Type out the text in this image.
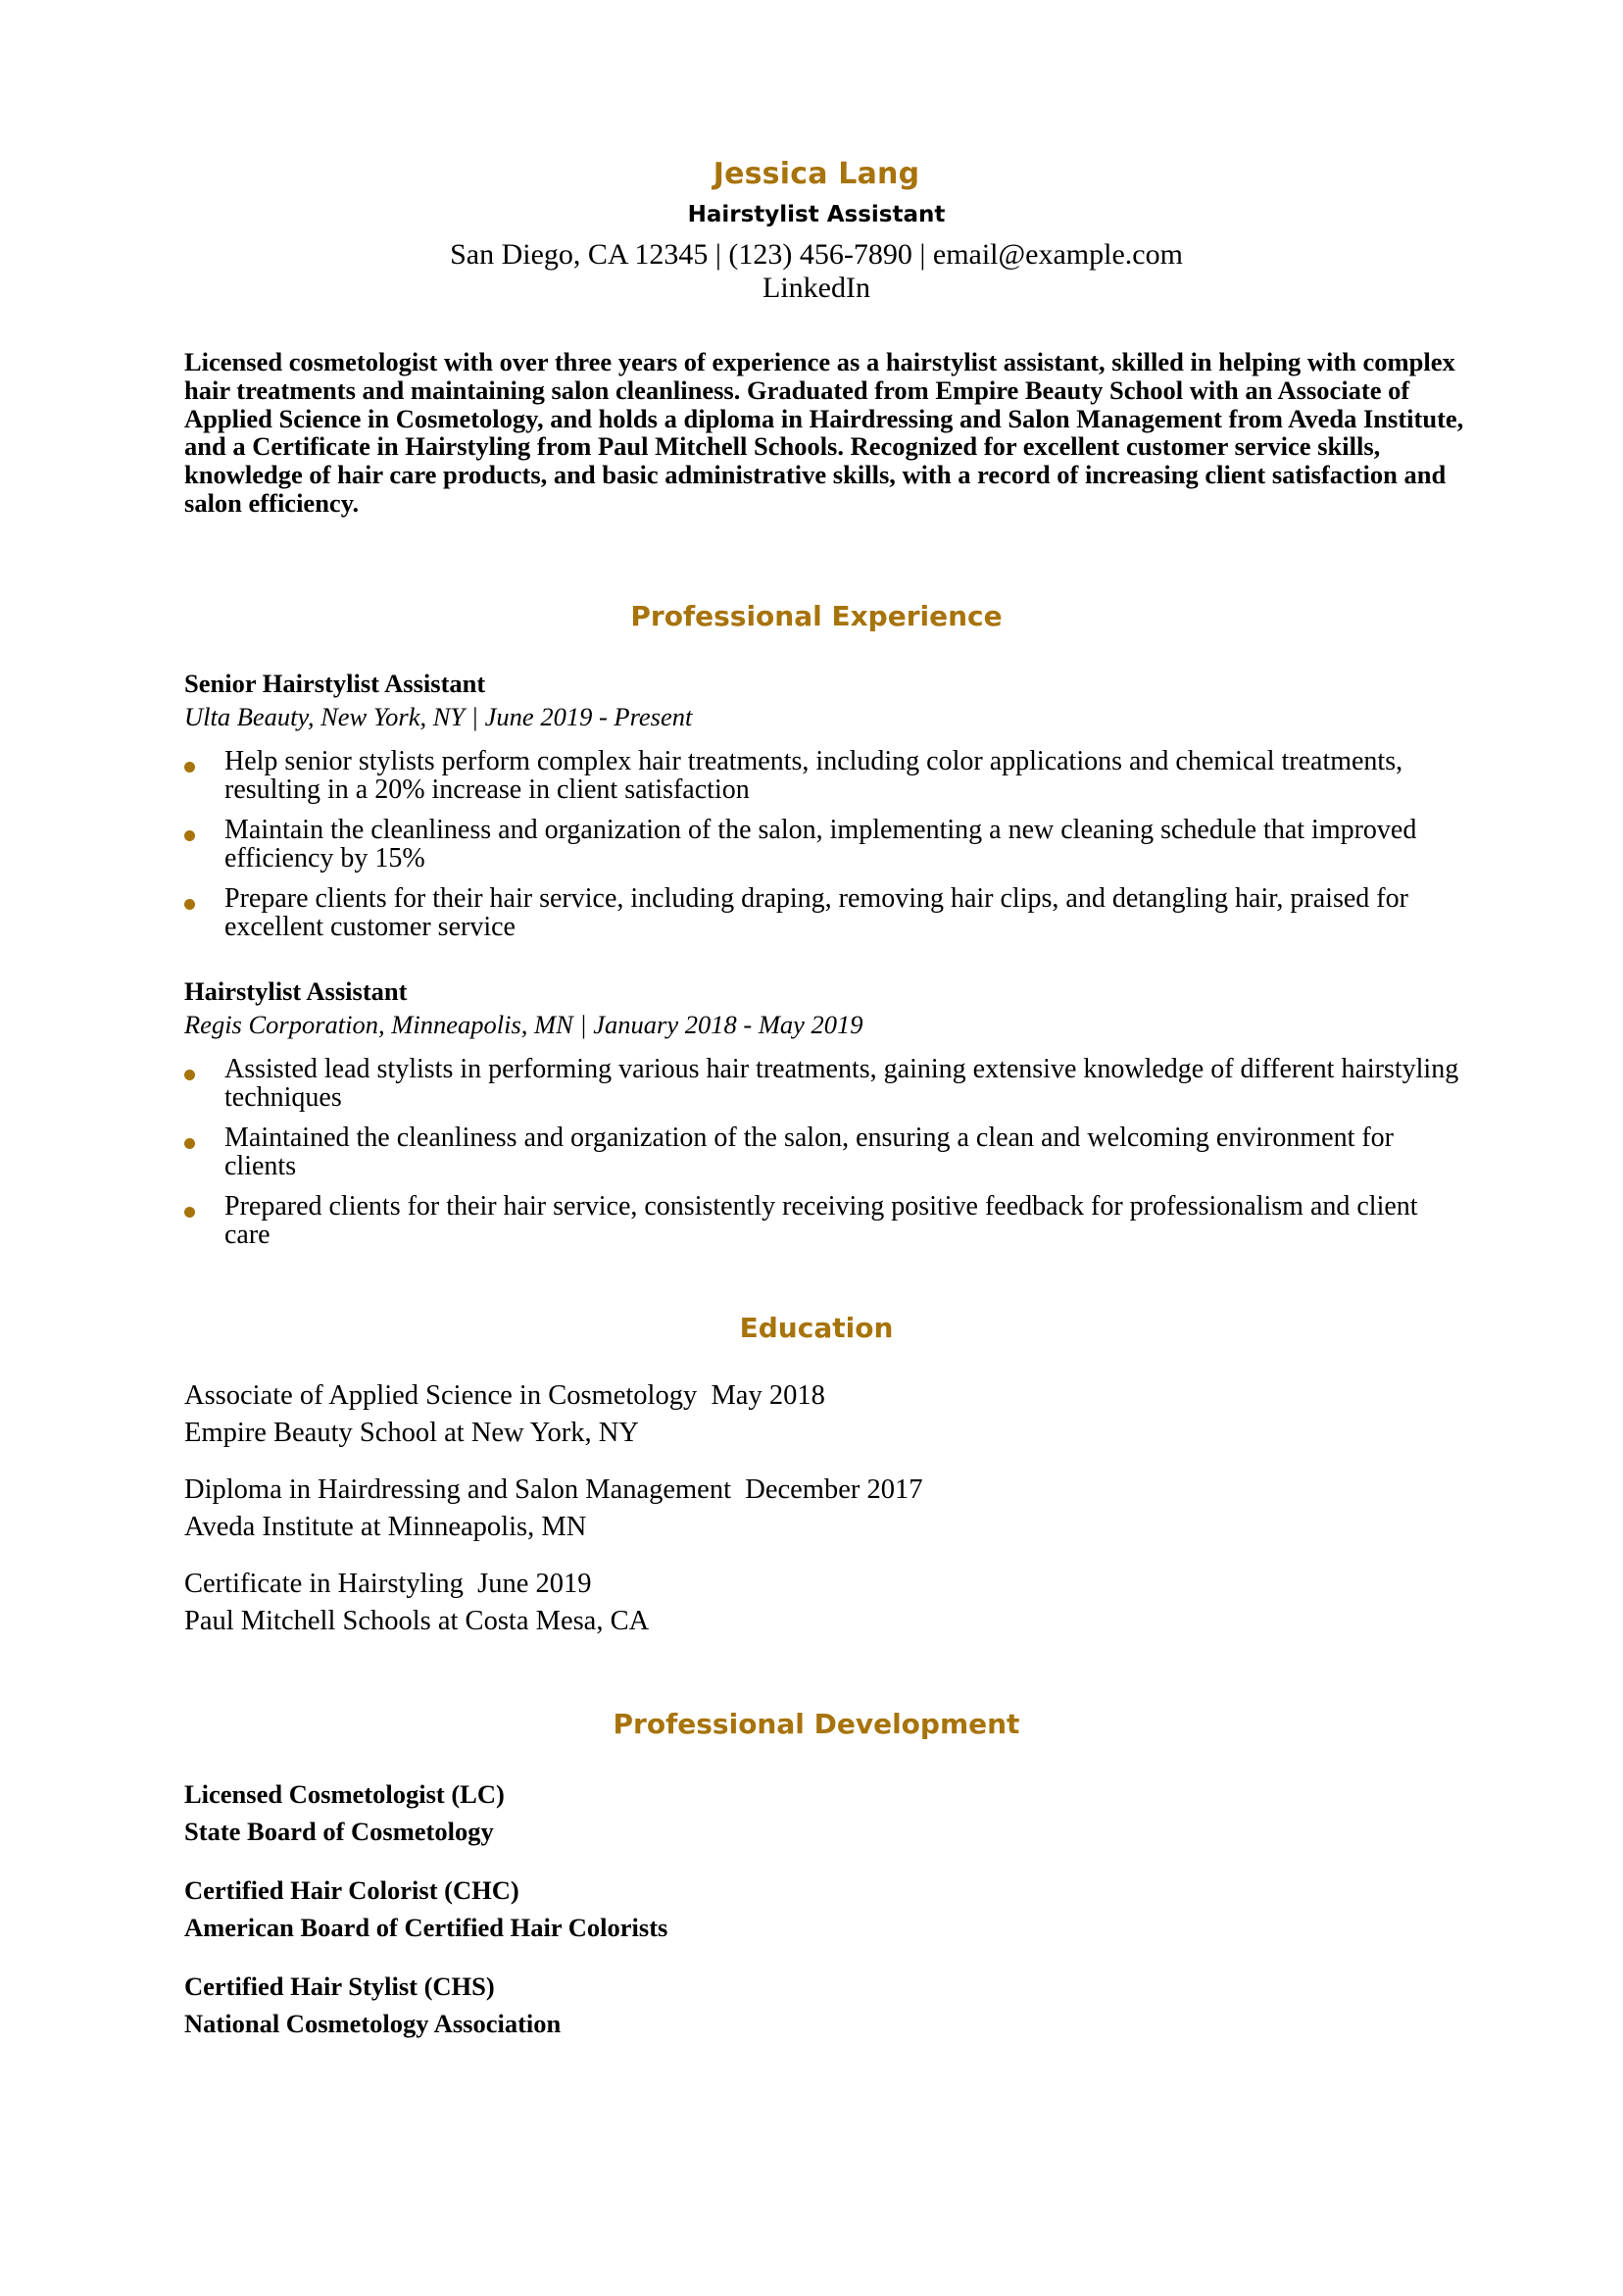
Jessica Lang
Hairstylist Assistant
San Diego, CA 12345 | (123) 456-7890 | email@example.com
LinkedIn
Licensed cosmetologist with over three years of experience as a hairstylist assistant, skilled in helping with complex hair treatments and maintaining salon cleanliness. Graduated from Empire Beauty School with an Associate of Applied Science in Cosmetology, and holds a diploma in Hairdressing and Salon Management from Aveda Institute, and a Certificate in Hairstyling from Paul Mitchell Schools. Recognized for excellent customer service skills, knowledge of hair care products, and basic administrative skills, with a record of increasing client satisfaction and salon efficiency.
Professional Experience
Senior Hairstylist Assistant
Ulta Beauty, New York, NY | June 2019 - Present
Help senior stylists perform complex hair treatments, including color applications and chemical treatments, resulting in a 20% increase in client satisfaction
Maintain the cleanliness and organization of the salon, implementing a new cleaning schedule that improved efficiency by 15%
Prepare clients for their hair service, including draping, removing hair clips, and detangling hair, praised for excellent customer service
Hairstylist Assistant
Regis Corporation, Minneapolis, MN | January 2018 - May 2019
Assisted lead stylists in performing various hair treatments, gaining extensive knowledge of different hairstyling techniques
Maintained the cleanliness and organization of the salon, ensuring a clean and welcoming environment for clients
Prepared clients for their hair service, consistently receiving positive feedback for professionalism and client care
Education
Associate of Applied Science in Cosmetology  May 2018
Empire Beauty School at New York, NY
Diploma in Hairdressing and Salon Management  December 2017
Aveda Institute at Minneapolis, MN
Certificate in Hairstyling  June 2019
Paul Mitchell Schools at Costa Mesa, CA
Professional Development
Licensed Cosmetologist (LC)
State Board of Cosmetology
Certified Hair Colorist (CHC)
American Board of Certified Hair Colorists
Certified Hair Stylist (CHS)
National Cosmetology Association
